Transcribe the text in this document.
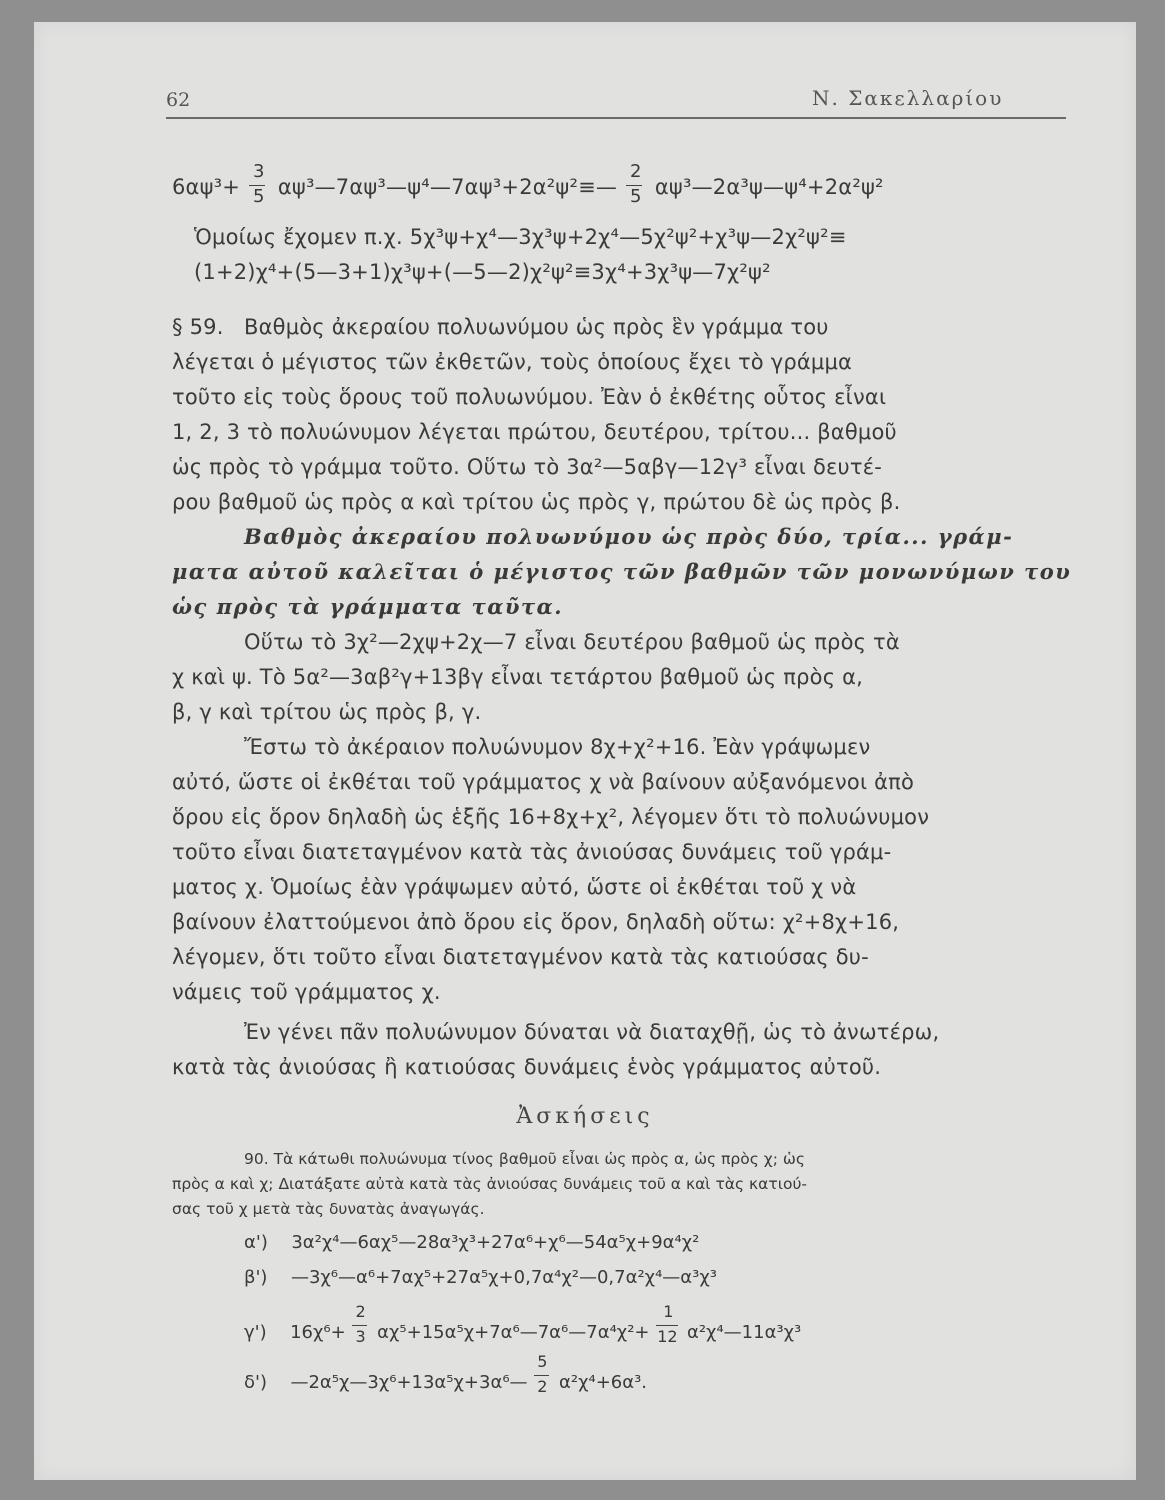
62	Ν. Σακελλαρίου
$6\alpha\psi^3+ \frac{3}{5}$ αψ³—7αψ³—ψ⁴—7αψ³+2α²ψ²≡— $\frac{2}{5}$ αψ³—2α³ψ—ψ⁴+2α²ψ²
Ὁμοίως ἔχομεν π.χ. 5χ³ψ+χ⁴—3χ³ψ+2χ⁴—5χ²ψ²+χ³ψ—2χ²ψ²≡
(1+2)χ⁴+(5—3+1)χ³ψ+(—5—2)χ²ψ²≡3χ⁴+3χ³ψ—7χ²ψ²
§ 59. Βαθμὸς ἀκεραίου πολυωνύμου ὡς πρὸς ἓν γράμμα του
λέγεται ὁ μέγιστος τῶν ἐκθετῶν, τοὺς ὁποίους ἔχει τὸ γράμμα
τοῦτο εἰς τοὺς ὅρους τοῦ πολυωνύμου. Ἐὰν ὁ ἐκθέτης οὗτος εἶναι
1, 2, 3 τὸ πολυώνυμον λέγεται πρώτου, δευτέρου, τρίτου... βαθμοῦ
ὡς πρὸς τὸ γράμμα τοῦτο. Οὕτω τὸ 3α²—5αβγ—12γ³ εἶναι δευτέ-
ρου βαθμοῦ ὡς πρὸς α καὶ τρίτου ὡς πρὸς γ, πρώτου δὲ ὡς πρὸς β.
Βαθμὸς ἀκεραίου πολυωνύμου ὡς πρὸς δύο, τρία... γράμ-
ματα αὐτοῦ καλεῖται ὁ μέγιστος τῶν βαθμῶν τῶν μονωνύμων του
ὡς πρὸς τὰ γράμματα ταῦτα.
Οὕτω τὸ 3χ²—2χψ+2χ—7 εἶναι δευτέρου βαθμοῦ ὡς πρὸς τὰ
χ καὶ ψ. Τὸ 5α²—3αβ²γ+13βγ εἶναι τετάρτου βαθμοῦ ὡς πρὸς α,
β, γ καὶ τρίτου ὡς πρὸς β, γ.
Ἔστω τὸ ἀκέραιον πολυώνυμον 8χ+χ²+16. Ἐὰν γράψωμεν
αὐτό, ὥστε οἱ ἐκθέται τοῦ γράμματος χ νὰ βαίνουν αὐξανόμενοι ἀπὸ
ὅρου εἰς ὅρον δηλαδὴ ὡς ἑξῆς 16+8χ+χ², λέγομεν ὅτι τὸ πολυώνυμον
τοῦτο εἶναι διατεταγμένον κατὰ τὰς ἀνιούσας δυνάμεις τοῦ γράμ-
ματος χ. Ὁμοίως ἐὰν γράψωμεν αὐτό, ὥστε οἱ ἐκθέται τοῦ χ νὰ
βαίνουν ἐλαττούμενοι ἀπὸ ὅρου εἰς ὅρον, δηλαδὴ οὕτω: χ²+8χ+16,
λέγομεν, ὅτι τοῦτο εἶναι διατεταγμένον κατὰ τὰς κατιούσας δυ-
νάμεις τοῦ γράμματος χ.
Ἐν γένει πᾶν πολυώνυμον δύναται νὰ διαταχθῇ, ὡς τὸ ἀνωτέρω,
κατὰ τὰς ἀνιούσας ἢ κατιούσας δυνάμεις ἑνὸς γράμματος αὐτοῦ.
Ἀσκήσεις
90. Τὰ κάτωθι πολυώνυμα τίνος βαθμοῦ εἶναι ὡς πρὸς α, ὡς πρὸς χ; ὡς
πρὸς α καὶ χ; Διατάξατε αὐτὰ κατὰ τὰς ἀνιούσας δυνάμεις τοῦ α καὶ τὰς κατιού-
σας τοῦ χ μετὰ τὰς δυνατὰς ἀναγωγάς.
α') 3α²χ⁴—6αχ⁵—28α³χ³+27α⁶+χ⁶—54α⁵χ+9α⁴χ²
β') —3χ⁶—α⁶+7αχ⁵+27α⁵χ+0,7α⁴χ²—0,7α²χ⁴—α³χ³
γ') $16\chi^6+ \frac{2}{3}$ αχ⁵+15α⁵χ+7α⁶—7α⁶—7α⁴χ²+ $\frac{1}{12}$ α²χ⁴—11α³χ³
δ') —2α⁵χ—3χ⁶+13α⁵χ+3α⁶— $\frac{5}{2} \alpha^2\chi^4+6\alpha^3$.
